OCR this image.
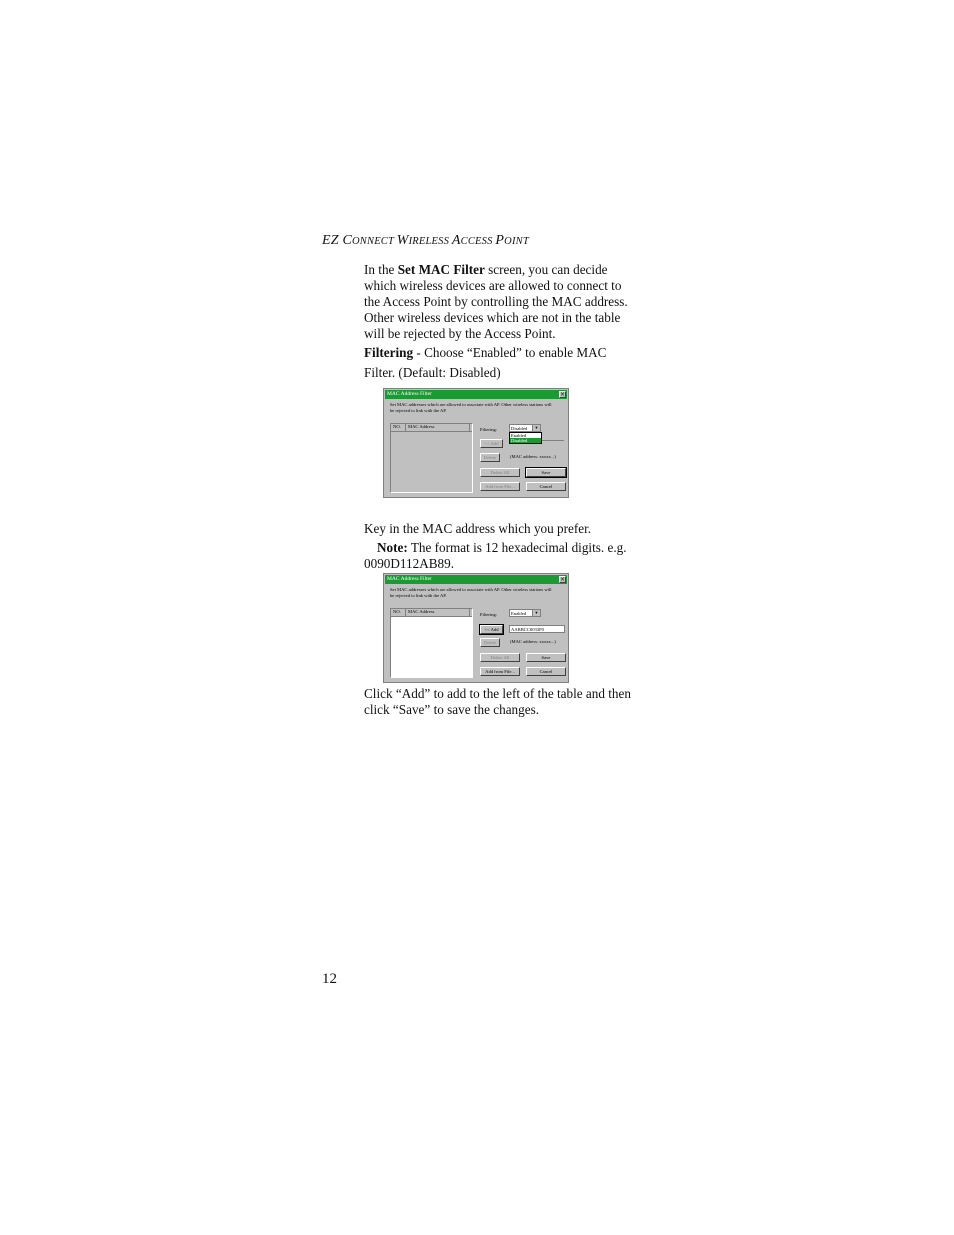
EZ CONNECT WIRELESS ACCESS POINT
In the Set MAC Filter screen, you can decide which wireless devices are allowed to connect to the Access Point by controlling the MAC address. Other wireless devices which are not in the table will be rejected by the Access Point.
Filtering - Choose “Enabled” to enable MAC
Filter. (Default: Disabled)
MAC Address Filter	×
Set MAC addresses which are allowed to associate with AP. Other wireless stations will be rejected to link with the AP.
NO. MAC Address
Filtering:	Disabled	▼
Enabled
Disabled
<< Add
Delete	(MAC address: xxxxx...)
Delete All	Save
Add from File...	Cancel
Key in the MAC address which you prefer.
Note: The format is 12 hexadecimal digits. e.g. 0090D112AB89.
MAC Address Filter	×
Set MAC addresses which are allowed to associate with AP. Other wireless stations will be rejected to link with the AP.
NO. MAC Address
Filtering:	Enabled	▼
<< Add	AABBCC0033F0
Delete	(MAC address: xxxxx...)
Delete All	Save
Add from File...	Cancel
Click “Add” to add to the left of the table and then click “Save” to save the changes.
12
